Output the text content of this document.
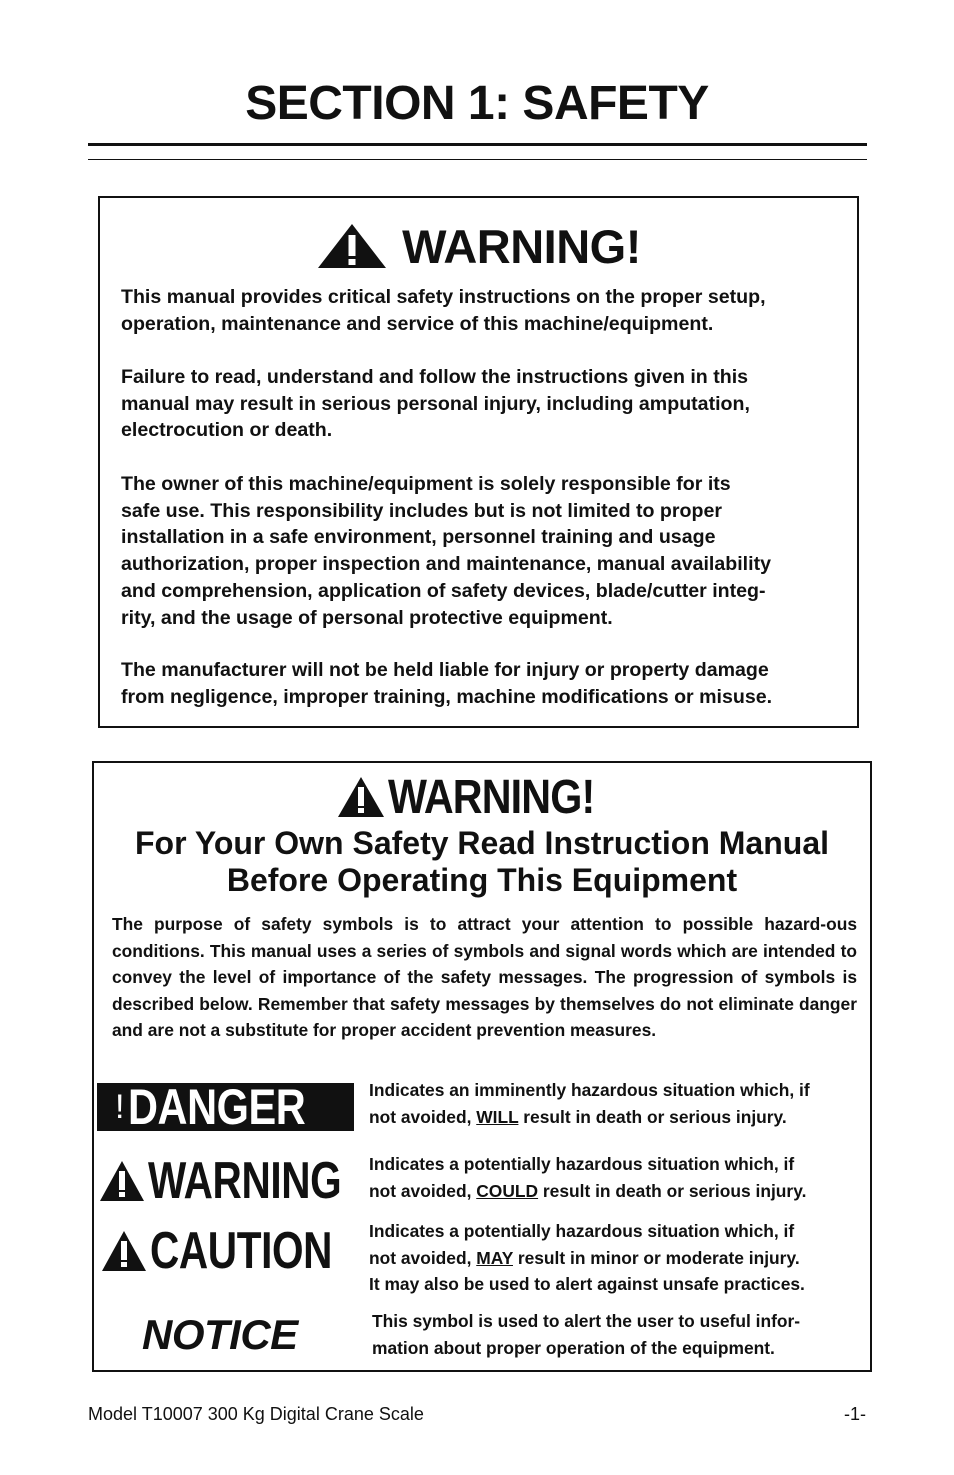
SECTION 1: SAFETY
WARNING!

This manual provides critical safety instructions on the proper setup,
operation, maintenance and service of this machine/equipment.

Failure to read, understand and follow the instructions given in this
manual may result in serious personal injury, including amputation,
electrocution or death.

The owner of this machine/equipment is solely responsible for its
safe use. This responsibility includes but is not limited to proper
installation in a safe environment, personnel training and usage
authorization, proper inspection and maintenance, manual availability
and comprehension, application of safety devices, blade/cutter integ-
rity, and the usage of personal protective equipment.

The manufacturer will not be held liable for injury or property damage
from negligence, improper training, machine modifications or misuse.

WARNING!

For Your Own Safety Read Instruction Manual
Before Operating This Equipment

The purpose of safety symbols is to attract your attention to possible hazard-ous conditions. This manual uses a series of symbols and signal words which are intended to convey the level of importance of the safety messages. The progression of symbols is described below. Remember that safety messages by themselves do not eliminate danger and are not a substitute for proper accident prevention measures.

! DANGER	Indicates an imminently hazardous situation which, if
not avoided, WILL result in death or serious injury.

WARNING Indicates a potentially hazardous situation which, if
not avoided, COULD result in death or serious injury.

CAUTION Indicates a potentially hazardous situation which, if
not avoided, MAY result in minor or moderate injury.
It may also be used to alert against unsafe practices.

NOTICE	This symbol is used to alert the user to useful infor-
mation about proper operation of the equipment.

Model T10007 300 Kg Digital Crane Scale	-1-
